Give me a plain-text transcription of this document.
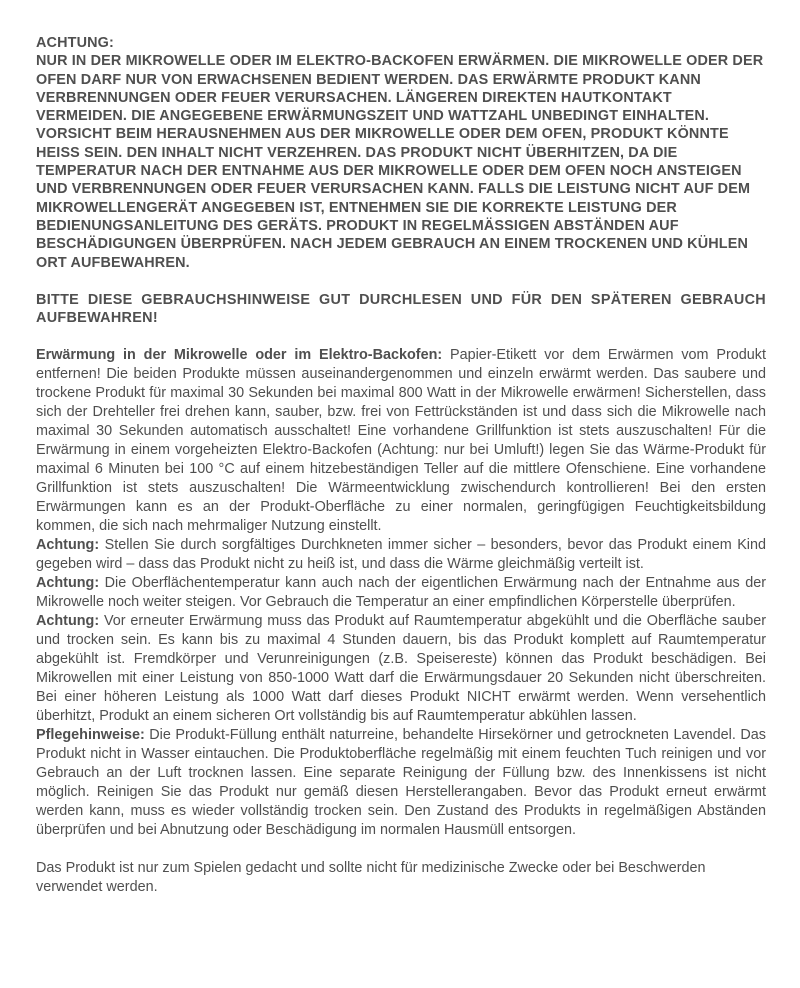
ACHTUNG:
NUR IN DER MIKROWELLE ODER IM ELEKTRO-BACKOFEN ERWÄRMEN. DIE MIKROWELLE ODER DER OFEN DARF NUR VON ERWACHSENEN BEDIENT WERDEN. DAS ERWÄRMTE PRODUKT KANN VERBRENNUNGEN ODER FEUER VERURSACHEN. LÄNGEREN DIREKTEN HAUTKONTAKT VERMEIDEN. DIE ANGEGEBENE ERWÄRMUNGSZEIT UND WATTZAHL UNBEDINGT EINHALTEN. VORSICHT BEIM HERAUSNEHMEN AUS DER MIKROWELLE ODER DEM OFEN, PRODUKT KÖNNTE HEISS SEIN. DEN INHALT NICHT VERZEHREN. DAS PRODUKT NICHT ÜBERHITZEN, DA DIE TEMPERATUR NACH DER ENTNAHME AUS DER MIKROWELLE ODER DEM OFEN NOCH ANSTEIGEN UND VERBRENNUNGEN ODER FEUER VERURSACHEN KANN. FALLS DIE LEISTUNG NICHT AUF DEM MIKROWELLENGERÄT ANGEGEBEN IST, ENTNEHMEN SIE DIE KORREKTE LEISTUNG DER BEDIENUNGSANLEITUNG DES GERÄTS. PRODUKT IN REGELMÄSSIGEN ABSTÄNDEN AUF BESCHÄDIGUNGEN ÜBERPRÜFEN. NACH JEDEM GEBRAUCH AN EINEM TROCKENEN UND KÜHLEN ORT AUFBEWAHREN.

BITTE DIESE GEBRAUCHSHINWEISE GUT DURCHLESEN UND FÜR DEN SPÄTEREN GEBRAUCH AUFBEWAHREN!

Erwärmung in der Mikrowelle oder im Elektro-Backofen: Papier-Etikett vor dem Erwärmen vom Produkt entfernen! Die beiden Produkte müssen auseinandergenommen und einzeln erwärmt werden. Das saubere und trockene Produkt für maximal 30 Sekunden bei maximal 800 Watt in der Mikrowelle erwärmen! Sicherstellen, dass sich der Drehteller frei drehen kann, sauber, bzw. frei von Fettrückständen ist und dass sich die Mikrowelle nach maximal 30 Sekunden automatisch ausschaltet! Eine vorhandene Grillfunktion ist stets auszuschalten! Für die Erwärmung in einem vorgeheizten Elektro-Backofen (Achtung: nur bei Umluft!) legen Sie das Wärme-Produkt für maximal 6 Minuten bei 100 °C auf einem hitzebeständigen Teller auf die mittlere Ofenschiene. Eine vorhandene Grillfunktion ist stets auszuschalten! Die Wärmeentwicklung zwischendurch kontrollieren! Bei den ersten Erwärmungen kann es an der Produkt-Oberfläche zu einer normalen, geringfügigen Feuchtigkeitsbildung kommen, die sich nach mehrmaliger Nutzung einstellt.

Achtung: Stellen Sie durch sorgfältiges Durchkneten immer sicher – besonders, bevor das Produkt einem Kind gegeben wird – dass das Produkt nicht zu heiß ist, und dass die Wärme gleichmäßig verteilt ist.

Achtung: Die Oberflächentemperatur kann auch nach der eigentlichen Erwärmung nach der Entnahme aus der Mikrowelle noch weiter steigen. Vor Gebrauch die Temperatur an einer empfindlichen Körperstelle überprüfen.

Achtung: Vor erneuter Erwärmung muss das Produkt auf Raumtemperatur abgekühlt und die Oberfläche sauber und trocken sein. Es kann bis zu maximal 4 Stunden dauern, bis das Produkt komplett auf Raumtemperatur abgekühlt ist. Fremdkörper und Verunreinigungen (z.B. Speisereste) können das Produkt beschädigen. Bei Mikrowellen mit einer Leistung von 850-1000 Watt darf die Erwärmungsdauer 20 Sekunden nicht überschreiten. Bei einer höheren Leistung als 1000 Watt darf dieses Produkt NICHT erwärmt werden. Wenn versehentlich überhitzt, Produkt an einem sicheren Ort vollständig bis auf Raumtemperatur abkühlen lassen.

Pflegehinweise: Die Produkt-Füllung enthält naturreine, behandelte Hirsekörner und getrockneten Lavendel. Das Produkt nicht in Wasser eintauchen. Die Produktoberfläche regelmäßig mit einem feuchten Tuch reinigen und vor Gebrauch an der Luft trocknen lassen. Eine separate Reinigung der Füllung bzw. des Innenkissens ist nicht möglich. Reinigen Sie das Produkt nur gemäß diesen Herstellerangaben. Bevor das Produkt erneut erwärmt werden kann, muss es wieder vollständig trocken sein. Den Zustand des Produkts in regelmäßigen Abständen überprüfen und bei Abnutzung oder Beschädigung im normalen Hausmüll entsorgen.

Das Produkt ist nur zum Spielen gedacht und sollte nicht für medizinische Zwecke oder bei Beschwerden verwendet werden.
